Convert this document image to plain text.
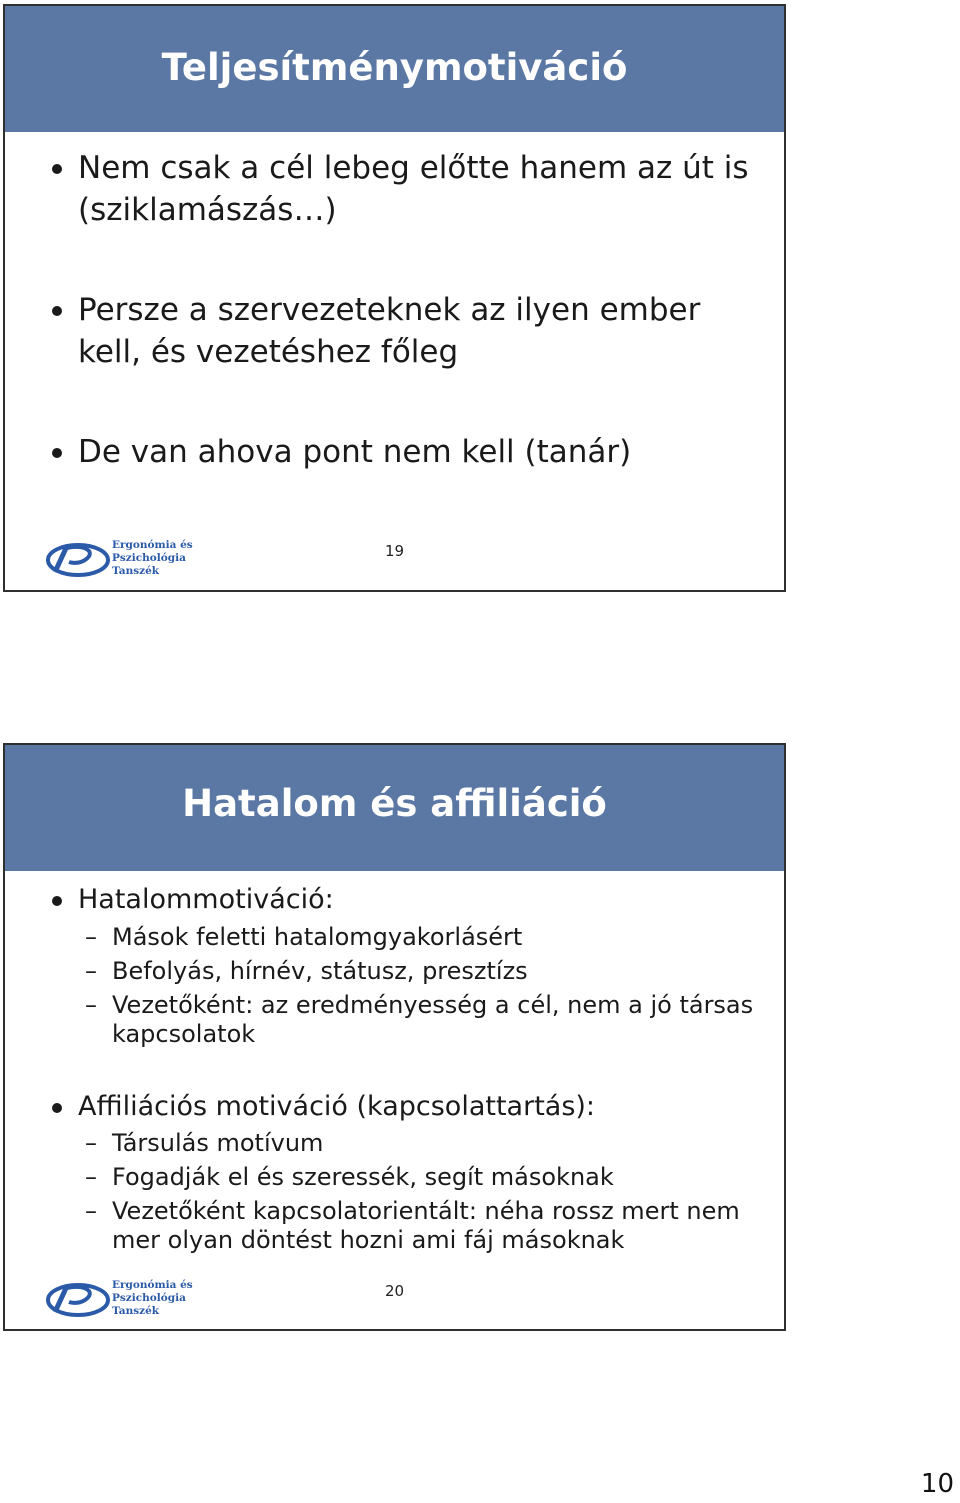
Teljesítménymotiváció
Nem csak a cél lebeg előtte hanem az út is (sziklamászás…)
Persze a szervezeteknek az ilyen ember kell, és vezetéshez főleg
De van ahova pont nem kell (tanár)
19
Ergonómia és
Pszichológia
Tanszék
Hatalom és affiliáció
Hatalommotiváció:
– Mások feletti hatalomgyakorlásért
– Befolyás, hírnév, státusz, presztízs
– Vezetőként: az eredményesség a cél, nem a jó társas kapcsolatok
Affiliációs motiváció (kapcsolattartás):
– Társulás motívum
– Fogadják el és szeressék, segít másoknak
– Vezetőként kapcsolatorientált: néha rossz mert nem mer olyan döntést hozni ami fáj másoknak
20
Ergonómia és
Pszichológia
Tanszék
10
